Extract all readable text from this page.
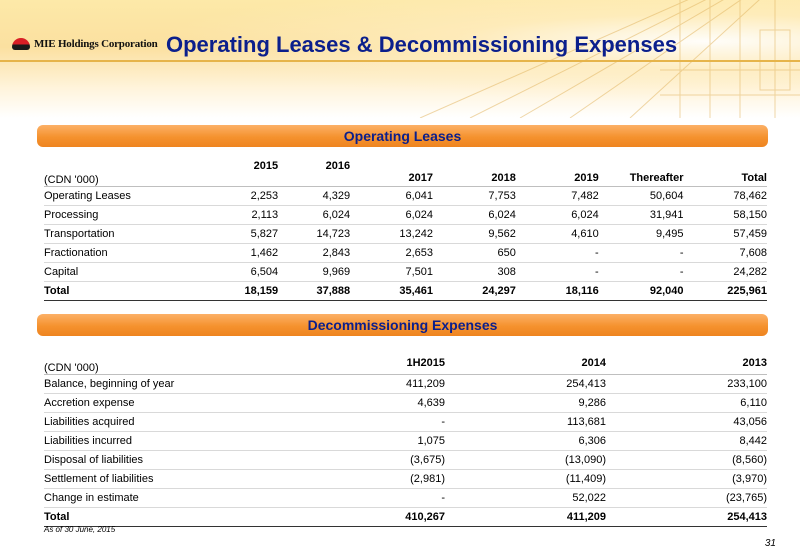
MIE Holdings Corporation Operating Leases & Decommissioning Expenses
Operating Leases
(CDN '000)	2015	2016	2017	2018	2019	Thereafter	Total
Operating Leases	2,253	4,329	6,041	7,753	7,482	50,604	78,462
Processing	2,113	6,024	6,024	6,024	6,024	31,941	58,150
Transportation	5,827	14,723	13,242	9,562	4,610	9,495	57,459
Fractionation	1,462	2,843	2,653	650	-	-	7,608
Capital	6,504	9,969	7,501	308	-	-	24,282
Total	18,159	37,888	35,461	24,297	18,116	92,040	225,961
Decommissioning Expenses
(CDN '000)	1H2015	2014	2013
Balance, beginning of year	411,209	254,413	233,100
Accretion expense	4,639	9,286	6,110
Liabilities acquired	-	113,681	43,056
Liabilities incurred	1,075	6,306	8,442
Disposal of liabilities	(3,675)	(13,090)	(8,560)
Settlement of liabilities	(2,981)	(11,409)	(3,970)
Change in estimate	-	52,022	(23,765)
Total	410,267	411,209	254,413
As of 30 June, 2015
31
